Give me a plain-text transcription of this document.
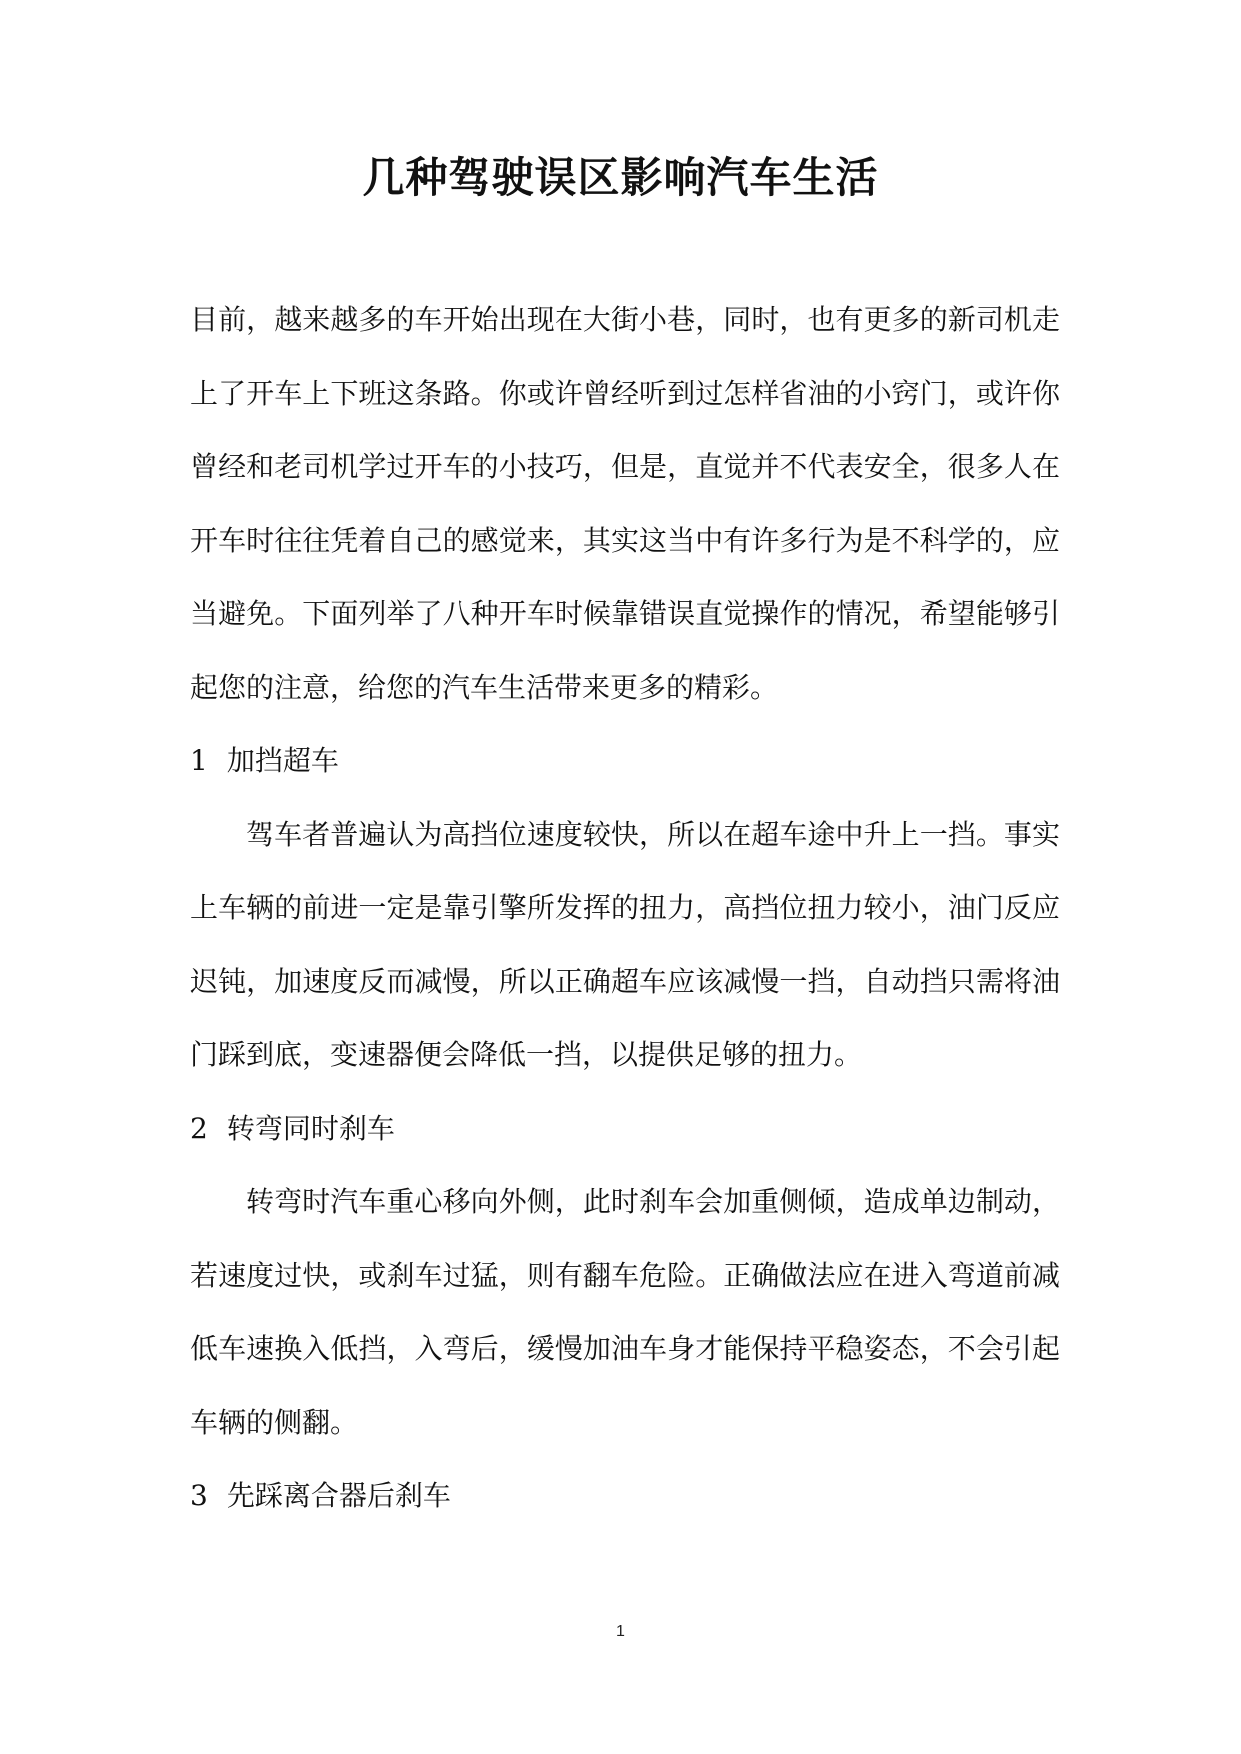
几种驾驶误区影响汽车生活

目前，越来越多的车开始出现在大街小巷，同时，也有更多的新司机走上了开车上下班这条路。你或许曾经听到过怎样省油的小窍门，或许你曾经和老司机学过开车的小技巧，但是，直觉并不代表安全，很多人在开车时往往凭着自己的感觉来，其实这当中有许多行为是不科学的，应当避免。下面列举了八种开车时候靠错误直觉操作的情况，希望能够引起您的注意，给您的汽车生活带来更多的精彩。

1 加挡超车

驾车者普遍认为高挡位速度较快，所以在超车途中升上一挡。事实上车辆的前进一定是靠引擎所发挥的扭力，高挡位扭力较小，油门反应迟钝，加速度反而减慢，所以正确超车应该减慢一挡，自动挡只需将油门踩到底，变速器便会降低一挡，以提供足够的扭力。

2 转弯同时刹车

转弯时汽车重心移向外侧，此时刹车会加重侧倾，造成单边制动，若速度过快，或刹车过猛，则有翻车危险。正确做法应在进入弯道前减低车速换入低挡，入弯后，缓慢加油车身才能保持平稳姿态，不会引起车辆的侧翻。

3 先踩离合器后刹车

1
